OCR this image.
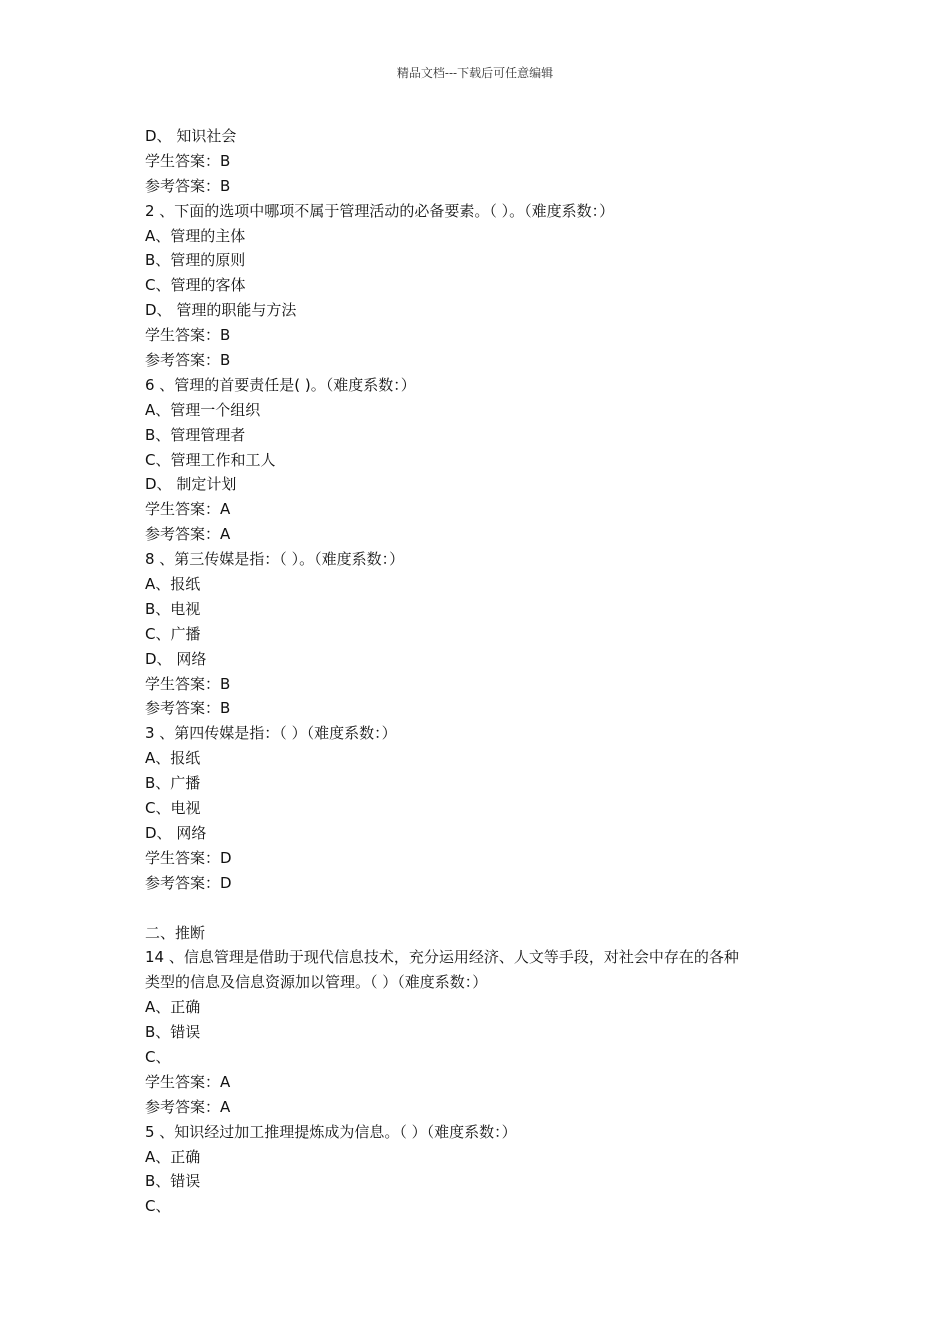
精品文档---下载后可任意编辑
D、 知识社会
学生答案：B
参考答案：B
2 、下面的选项中哪项不属于管理活动的必备要素。（ ）。（难度系数：）
A、管理的主体
B、管理的原则
C、管理的客体
D、 管理的职能与方法
学生答案：B
参考答案：B
6 、管理的首要责任是( )。（难度系数：）
A、管理一个组织
B、管理管理者
C、管理工作和工人
D、 制定计划
学生答案：A
参考答案：A
8 、第三传媒是指：（ ）。（难度系数：）
A、报纸
B、电视
C、广播
D、 网络
学生答案：B
参考答案：B
3 、第四传媒是指：（ ）（难度系数：）
A、报纸
B、广播
C、电视
D、 网络
学生答案：D
参考答案：D
二、推断
14 、信息管理是借助于现代信息技术，充分运用经济、人文等手段，对社会中存在的各种
类型的信息及信息资源加以管理。（ ）（难度系数：）
A、正确
B、错误
C、
学生答案：A
参考答案：A
5 、知识经过加工推理提炼成为信息。（ ）（难度系数：）
A、正确
B、错误
C、
